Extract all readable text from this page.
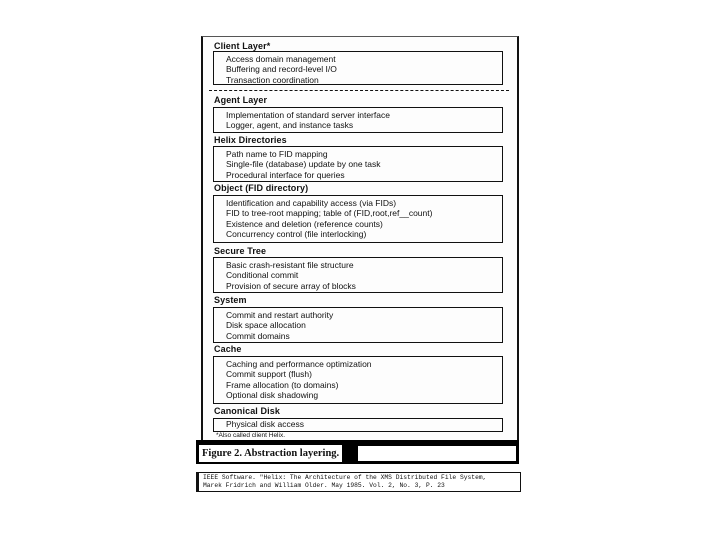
Client Layer*
Access domain management
Buffering and record-level I/O
Transaction coordination
Agent Layer
Implementation of standard server interface
Logger, agent, and instance tasks
Helix Directories
Path name to FID mapping
Single-file (database) update by one task
Procedural interface for queries
Object (FID directory)
Identification and capability access (via FIDs)
FID to tree-root mapping; table of (FID,root,ref__count)
Existence and deletion (reference counts)
Concurrency control (file interlocking)
Secure Tree
Basic crash-resistant file structure
Conditional commit
Provision of secure array of blocks
System
Commit and restart authority
Disk space allocation
Commit domains
Cache
Caching and performance optimization
Commit support (flush)
Frame allocation (to domains)
Optional disk shadowing
Canonical Disk
Physical disk access
*Also called client Helix.
Figure 2. Abstraction layering.
IEEE Software. "Helix: The Architecture of the XMS Distributed File System,
Marek Fridrich and William Older. May 1985. Vol. 2, No. 3, P. 23
